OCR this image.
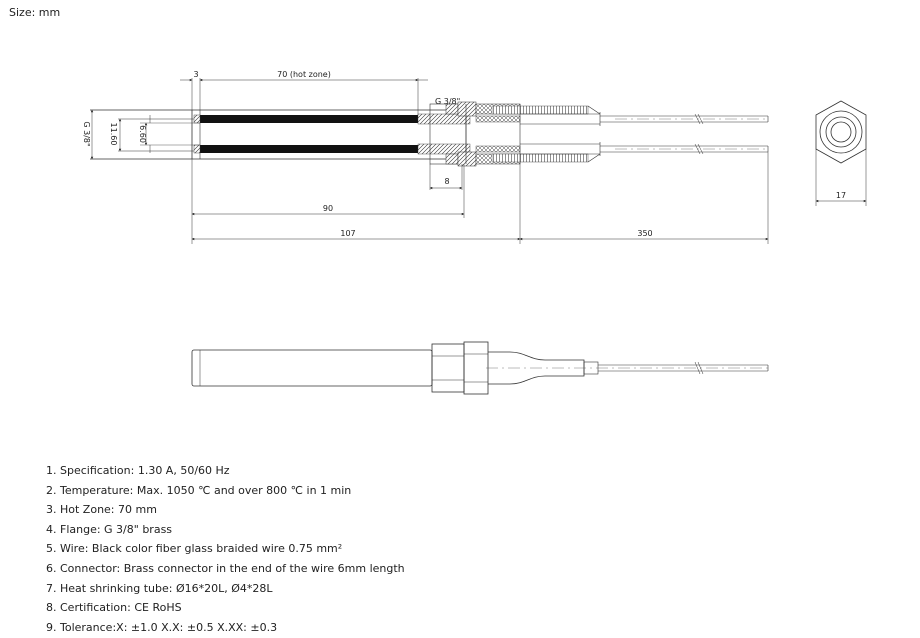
Size: mm
3	70 (hot zone)
G 3/8"
G 3/8" 11.60	6.60
8
90
107	350
17
1. Specification: 1.30 A, 50/60 Hz
2. Temperature: Max. 1050 ℃ and over 800 ℃ in 1 min
3. Hot Zone: 70 mm
4. Flange: G 3/8" brass
5. Wire: Black color fiber glass braided wire 0.75 mm²
6. Connector: Brass connector in the end of the wire 6mm length
7. Heat shrinking tube: Ø16*20L, Ø4*28L
8. Certification: CE RoHS
9. Tolerance:X: ±1.0 X.X: ±0.5 X.XX: ±0.3
